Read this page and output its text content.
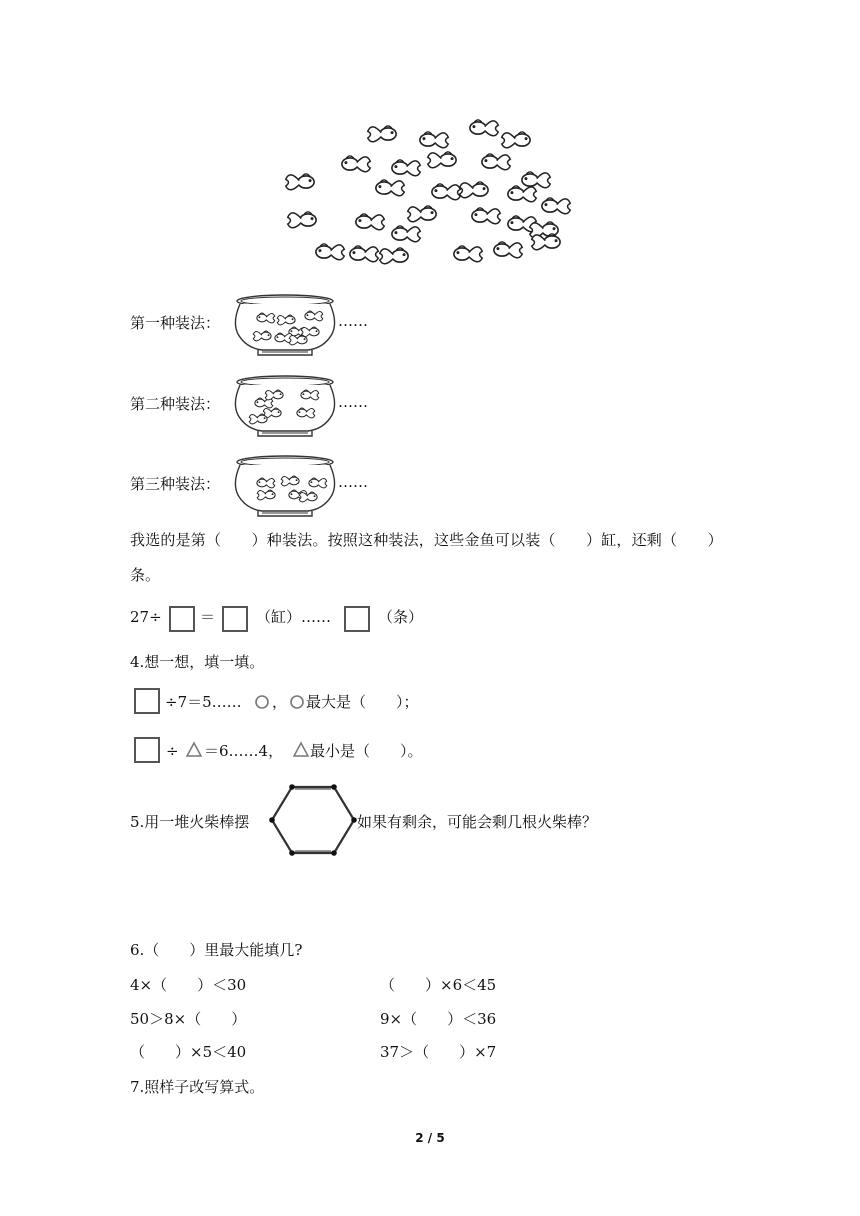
第一种装法：	……
第二种装法：	……
第三种装法：	……
我选的是第（　　）种装法。按照这种装法，这些金鱼可以装（　　）缸，还剩（　　）
条。
27÷	＝	（缸）……	（条）
4.想一想，填一填。
÷7＝5…… ， 最大是（　　）；
÷ ＝6……4， 最小是（　　）。
5.用一堆火柴棒摆	如果有剩余，可能会剩几根火柴棒？
6.（　　）里最大能填几?
4×（　　）＜30	（　　）×6＜45
50＞8×（　　）	9×（　　）＜36
（　　）×5＜40	37＞（　　）×7
7.照样子改写算式。
2 / 5
